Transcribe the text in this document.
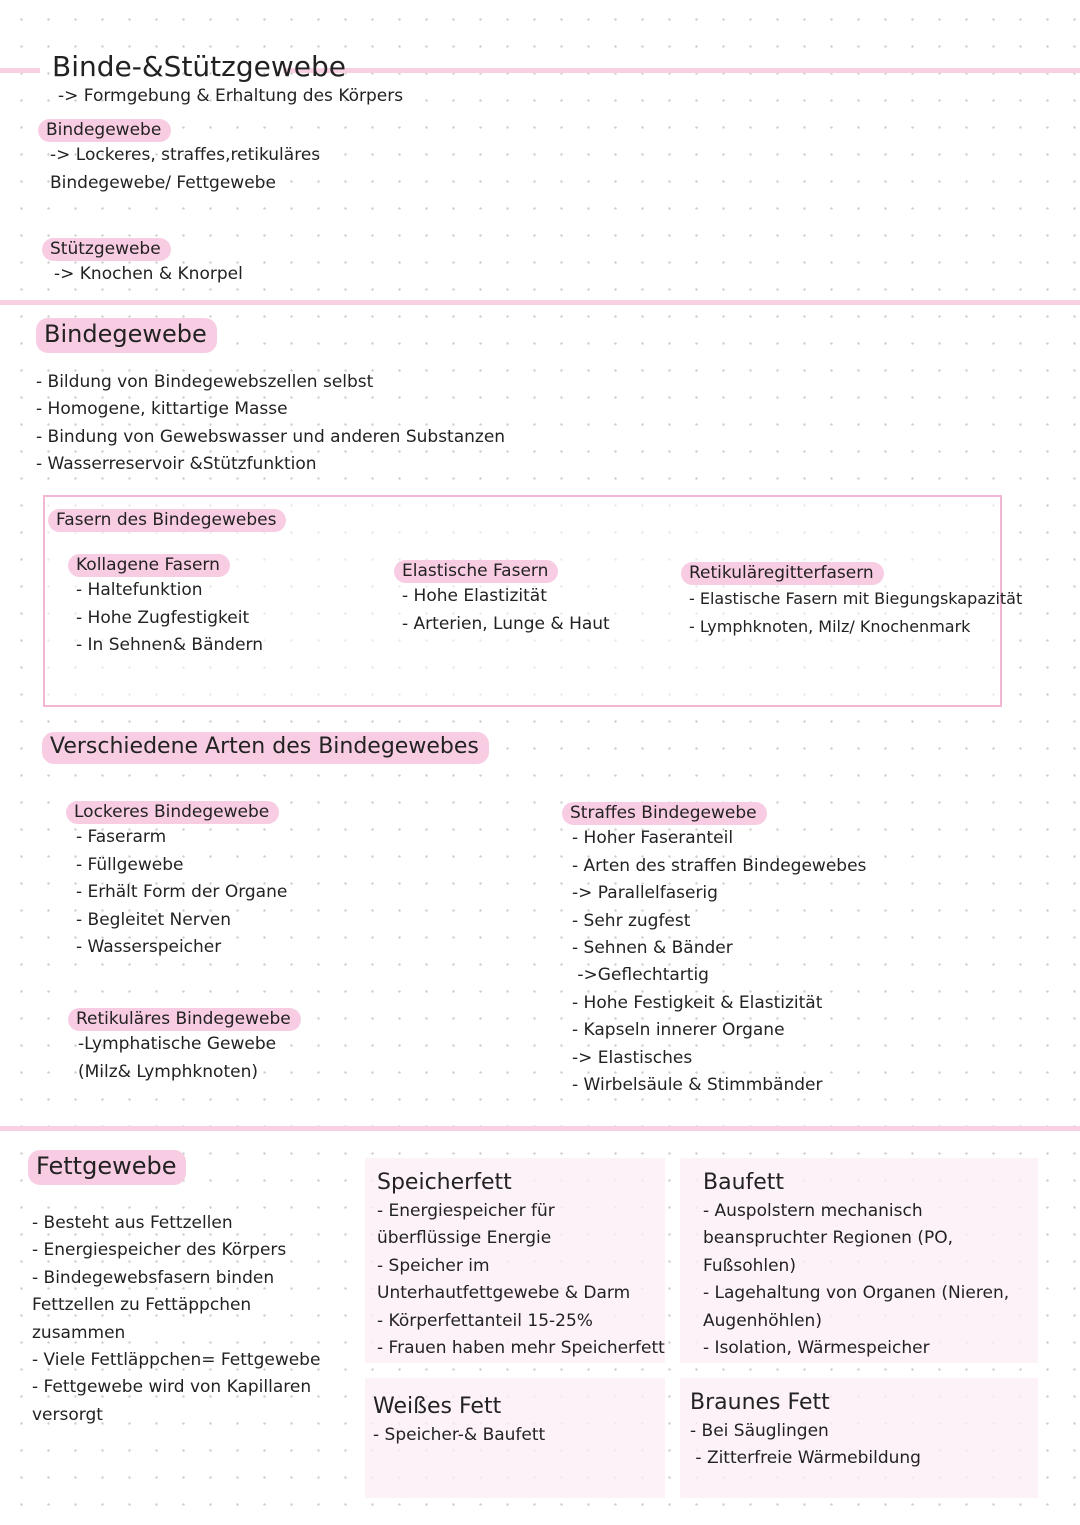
Binde-&Stützgewebe
-> Formgebung & Erhaltung des Körpers
Bindegewebe
-> Lockeres, straffes,retikuläres
Bindegewebe/ Fettgewebe
Stützgewebe
-> Knochen & Knorpel
Bindegewebe
- Bildung von Bindegewebszellen selbst
- Homogene, kittartige Masse
- Bindung von Gewebswasser und anderen Substanzen
- Wasserreservoir &Stützfunktion
Fasern des Bindegewebes
Kollagene Fasern
- Haltefunktion
- Hohe Zugfestigkeit
- In Sehnen& Bändern
Elastische Fasern
- Hohe Elastizität
- Arterien, Lunge & Haut
Retikuläregitterfasern
- Elastische Fasern mit Biegungskapazität
- Lymphknoten, Milz/ Knochenmark
Verschiedene Arten des Bindegewebes
Lockeres Bindegewebe
- Faserarm
- Füllgewebe
- Erhält Form der Organe
- Begleitet Nerven
- Wasserspeicher
Retikuläres Bindegewebe
-Lymphatische Gewebe
(Milz& Lymphknoten)
Straffes Bindegewebe
- Hoher Faseranteil
- Arten des straffen Bindegewebes
-> Parallelfaserig
- Sehr zugfest
- Sehnen & Bänder
->Geflechtartig
- Hohe Festigkeit & Elastizität
- Kapseln innerer Organe
-> Elastisches
- Wirbelsäule & Stimmbänder
Fettgewebe
- Besteht aus Fettzellen
- Energiespeicher des Körpers
- Bindegewebsfasern binden Fettzellen zu Fettäppchen zusammen
- Viele Fettläppchen= Fettgewebe
- Fettgewebe wird von Kapillaren versorgt
Speicherfett
- Energiespeicher für überflüssige Energie
- Speicher im Unterhautfettgewebe & Darm
- Körperfettanteil 15-25%
- Frauen haben mehr Speicherfett
Baufett
- Auspolstern mechanisch beanspruchter Regionen (PO, Fußsohlen)
- Lagehaltung von Organen (Nieren, Augenhöhlen)
- Isolation, Wärmespeicher
Weißes Fett
- Speicher-& Baufett
Braunes Fett
- Bei Säuglingen
- Zitterfreie Wärmebildung
